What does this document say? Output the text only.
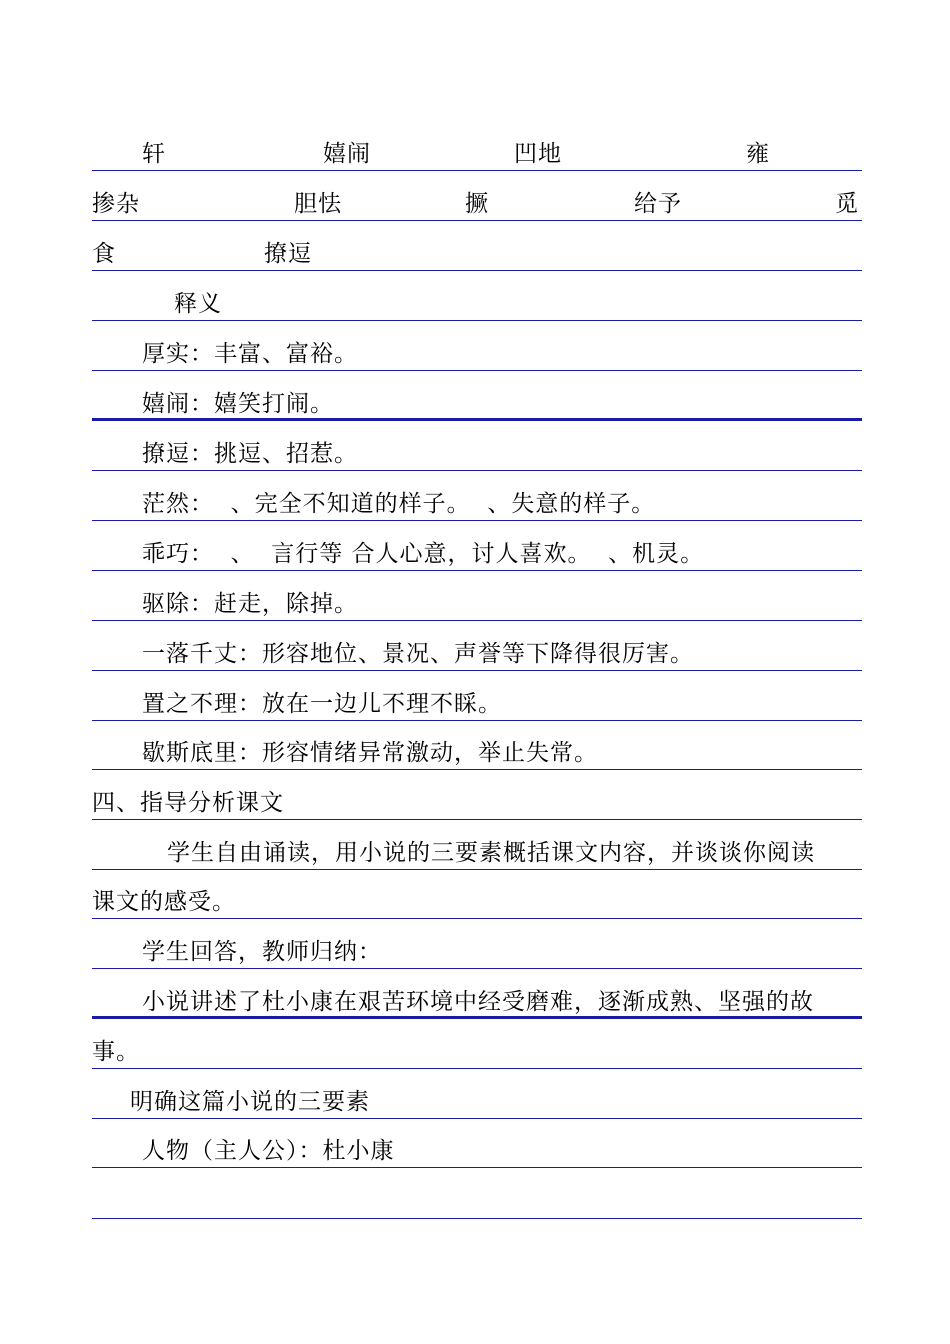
轩	嬉闹	凹地	雍
掺杂	胆怯	撅	给予	觅
食	撩逗
释义
厚实：丰富、富裕。
嬉闹：嬉笑打闹。
撩逗：挑逗、招惹。
茫然：  、完全不知道的样子。  、失意的样子。
乖巧：  、  言行等 合人心意，讨人喜欢。  、机灵。
驱除：赶走，除掉。
一落千丈：形容地位、景况、声誉等下降得很厉害。
置之不理：放在一边儿不理不睬。
歇斯底里：形容情绪异常激动，举止失常。
四、指导分析课文
学生自由诵读，用小说的三要素概括课文内容，并谈谈你阅读
课文的感受。
学生回答，教师归纳：
小说讲述了杜小康在艰苦环境中经受磨难，逐渐成熟、坚强的故
事。
明确这篇小说的三要素
人物（主人公）：杜小康
